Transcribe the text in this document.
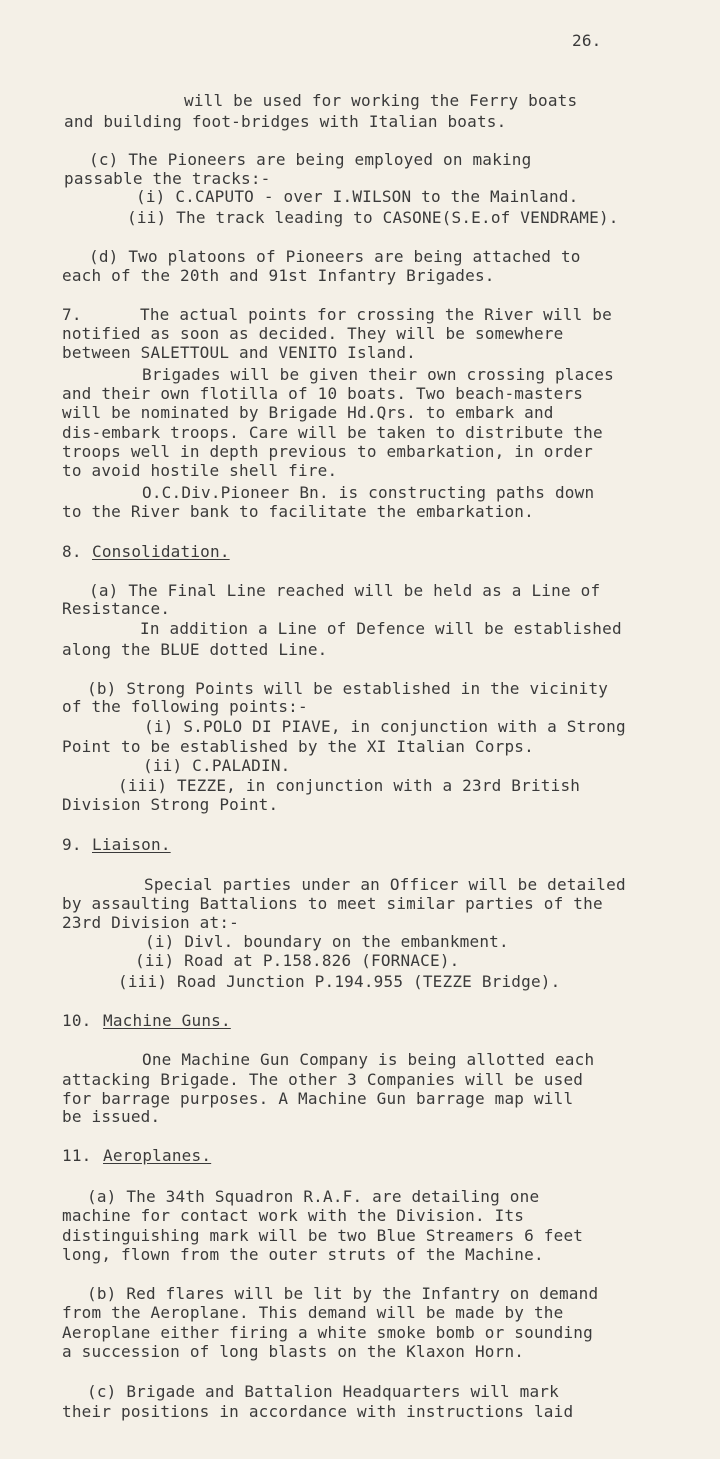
26.
will be used for working the Ferry boats
and building foot-bridges with Italian boats.
(c) The Pioneers are being employed on making
passable the tracks:-
(i) C.CAPUTO - over I.WILSON to the Mainland.
(ii) The track leading to CASONE(S.E.of VENDRAME).
(d) Two platoons of Pioneers are being attached to
each of the 20th and 91st Infantry Brigades.
7.	The actual points for crossing the River will be
notified as soon as decided. They will be somewhere
between SALETTOUL and VENITO Island.
Brigades will be given their own crossing places
and their own flotilla of 10 boats. Two beach-masters
will be nominated by Brigade Hd.Qrs. to embark and
dis-embark troops. Care will be taken to distribute the
troops well in depth previous to embarkation, in order
to avoid hostile shell fire.
O.C.Div.Pioneer Bn. is constructing paths down
to the River bank to facilitate the embarkation.
8. Consolidation.
(a) The Final Line reached will be held as a Line of
Resistance.
In addition a Line of Defence will be established
along the BLUE dotted Line.
(b) Strong Points will be established in the vicinity
of the following points:-
(i) S.POLO DI PIAVE, in conjunction with a Strong
Point to be established by the XI Italian Corps.
(ii) C.PALADIN.
(iii) TEZZE, in conjunction with a 23rd British
Division Strong Point.
9. Liaison.
Special parties under an Officer will be detailed
by assaulting Battalions to meet similar parties of the
23rd Division at:-
(i) Divl. boundary on the embankment.
(ii) Road at P.158.826 (FORNACE).
(iii) Road Junction P.194.955 (TEZZE Bridge).
10. Machine Guns.
One Machine Gun Company is being allotted each
attacking Brigade. The other 3 Companies will be used
for barrage purposes. A Machine Gun barrage map will
be issued.
11. Aeroplanes.
(a) The 34th Squadron R.A.F. are detailing one
machine for contact work with the Division. Its
distinguishing mark will be two Blue Streamers 6 feet
long, flown from the outer struts of the Machine.
(b) Red flares will be lit by the Infantry on demand
from the Aeroplane. This demand will be made by the
Aeroplane either firing a white smoke bomb or sounding
a succession of long blasts on the Klaxon Horn.
(c) Brigade and Battalion Headquarters will mark
their positions in accordance with instructions laid
